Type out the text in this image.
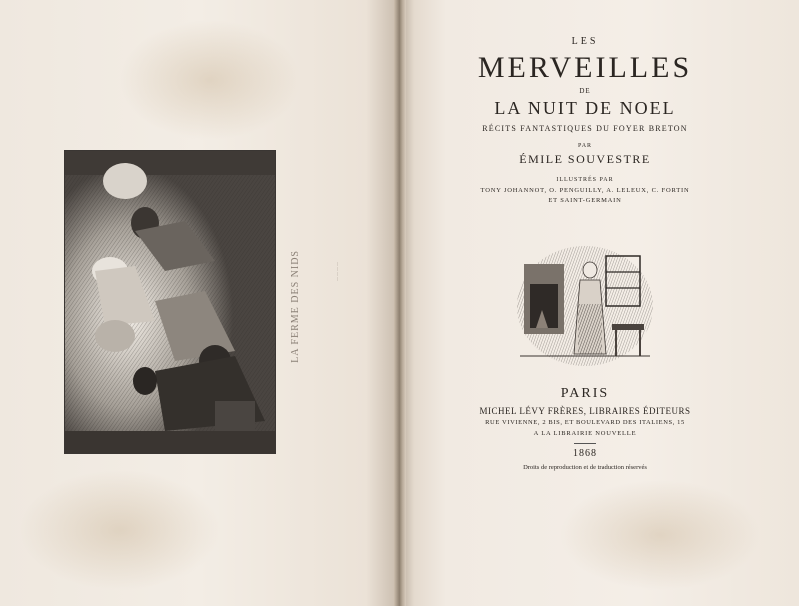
LA FERME DES NIDS	— — — —
LES
MERVEILLES
DE
LA NUIT DE NOEL
RÉCITS FANTASTIQUES DU FOYER BRETON
PAR
ÉMILE SOUVESTRE
ILLUSTRÉS PAR
TONY JOHANNOT, O. PENGUILLY, A. LELEUX, C. FORTIN
ET SAINT-GERMAIN
PARIS
MICHEL LÉVY FRÈRES, LIBRAIRES ÉDITEURS
RUE VIVIENNE, 2 BIS, ET BOULEVARD DES ITALIENS, 15
A LA LIBRAIRIE NOUVELLE
1868
Droits de reproduction et de traduction réservés
